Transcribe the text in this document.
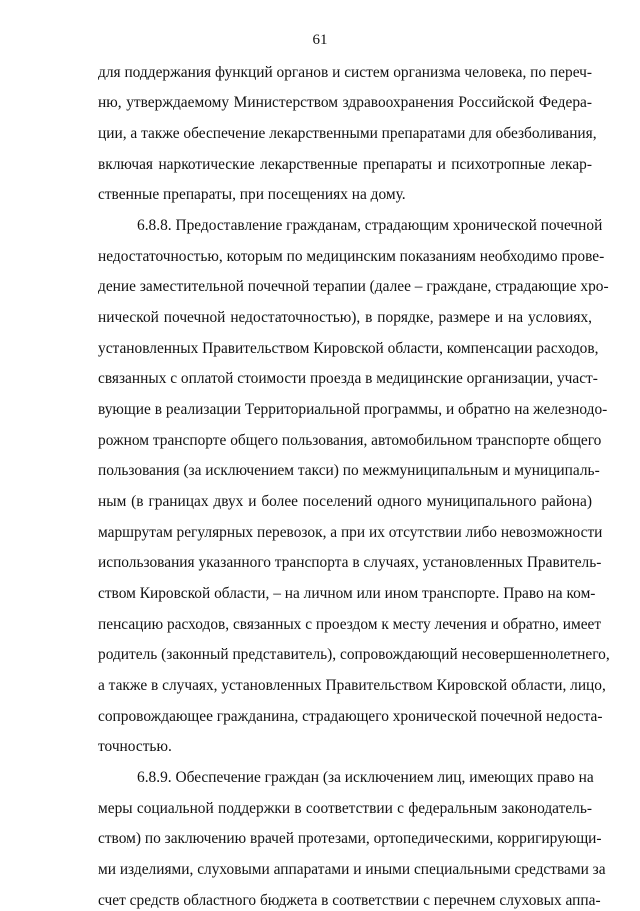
61
для поддержания функций органов и систем организма человека, по переч-
ню, утверждаемому Министерством здравоохранения Российской Федера-
ции, а также обеспечение лекарственными препаратами для обезболивания,
включая наркотические лекарственные препараты и психотропные лекар-
ственные препараты, при посещениях на дому.
6.8.8. Предоставление гражданам, страдающим хронической почечной
недостаточностью, которым по медицинским показаниям необходимо прове-
дение заместительной почечной терапии (далее – граждане, страдающие хро-
нической почечной недостаточностью), в порядке, размере и на условиях,
установленных Правительством Кировской области, компенсации расходов,
связанных с оплатой стоимости проезда в медицинские организации, участ-
вующие в реализации Территориальной программы, и обратно на железнодо-
рожном транспорте общего пользования, автомобильном транспорте общего
пользования (за исключением такси) по межмуниципальным и муниципаль-
ным (в границах двух и более поселений одного муниципального района)
маршрутам регулярных перевозок, а при их отсутствии либо невозможности
использования указанного транспорта в случаях, установленных Правитель-
ством Кировской области, – на личном или ином транспорте. Право на ком-
пенсацию расходов, связанных с проездом к месту лечения и обратно, имеет
родитель (законный представитель), сопровождающий несовершеннолетнего,
а также в случаях, установленных Правительством Кировской области, лицо,
сопровождающее гражданина, страдающего хронической почечной недоста-
точностью.
6.8.9. Обеспечение граждан (за исключением лиц, имеющих право на
меры социальной поддержки в соответствии с федеральным законодатель-
ством) по заключению врачей протезами, ортопедическими, корригирующи-
ми изделиями, слуховыми аппаратами и иными специальными средствами за
счет средств областного бюджета в соответствии с перечнем слуховых аппа-
